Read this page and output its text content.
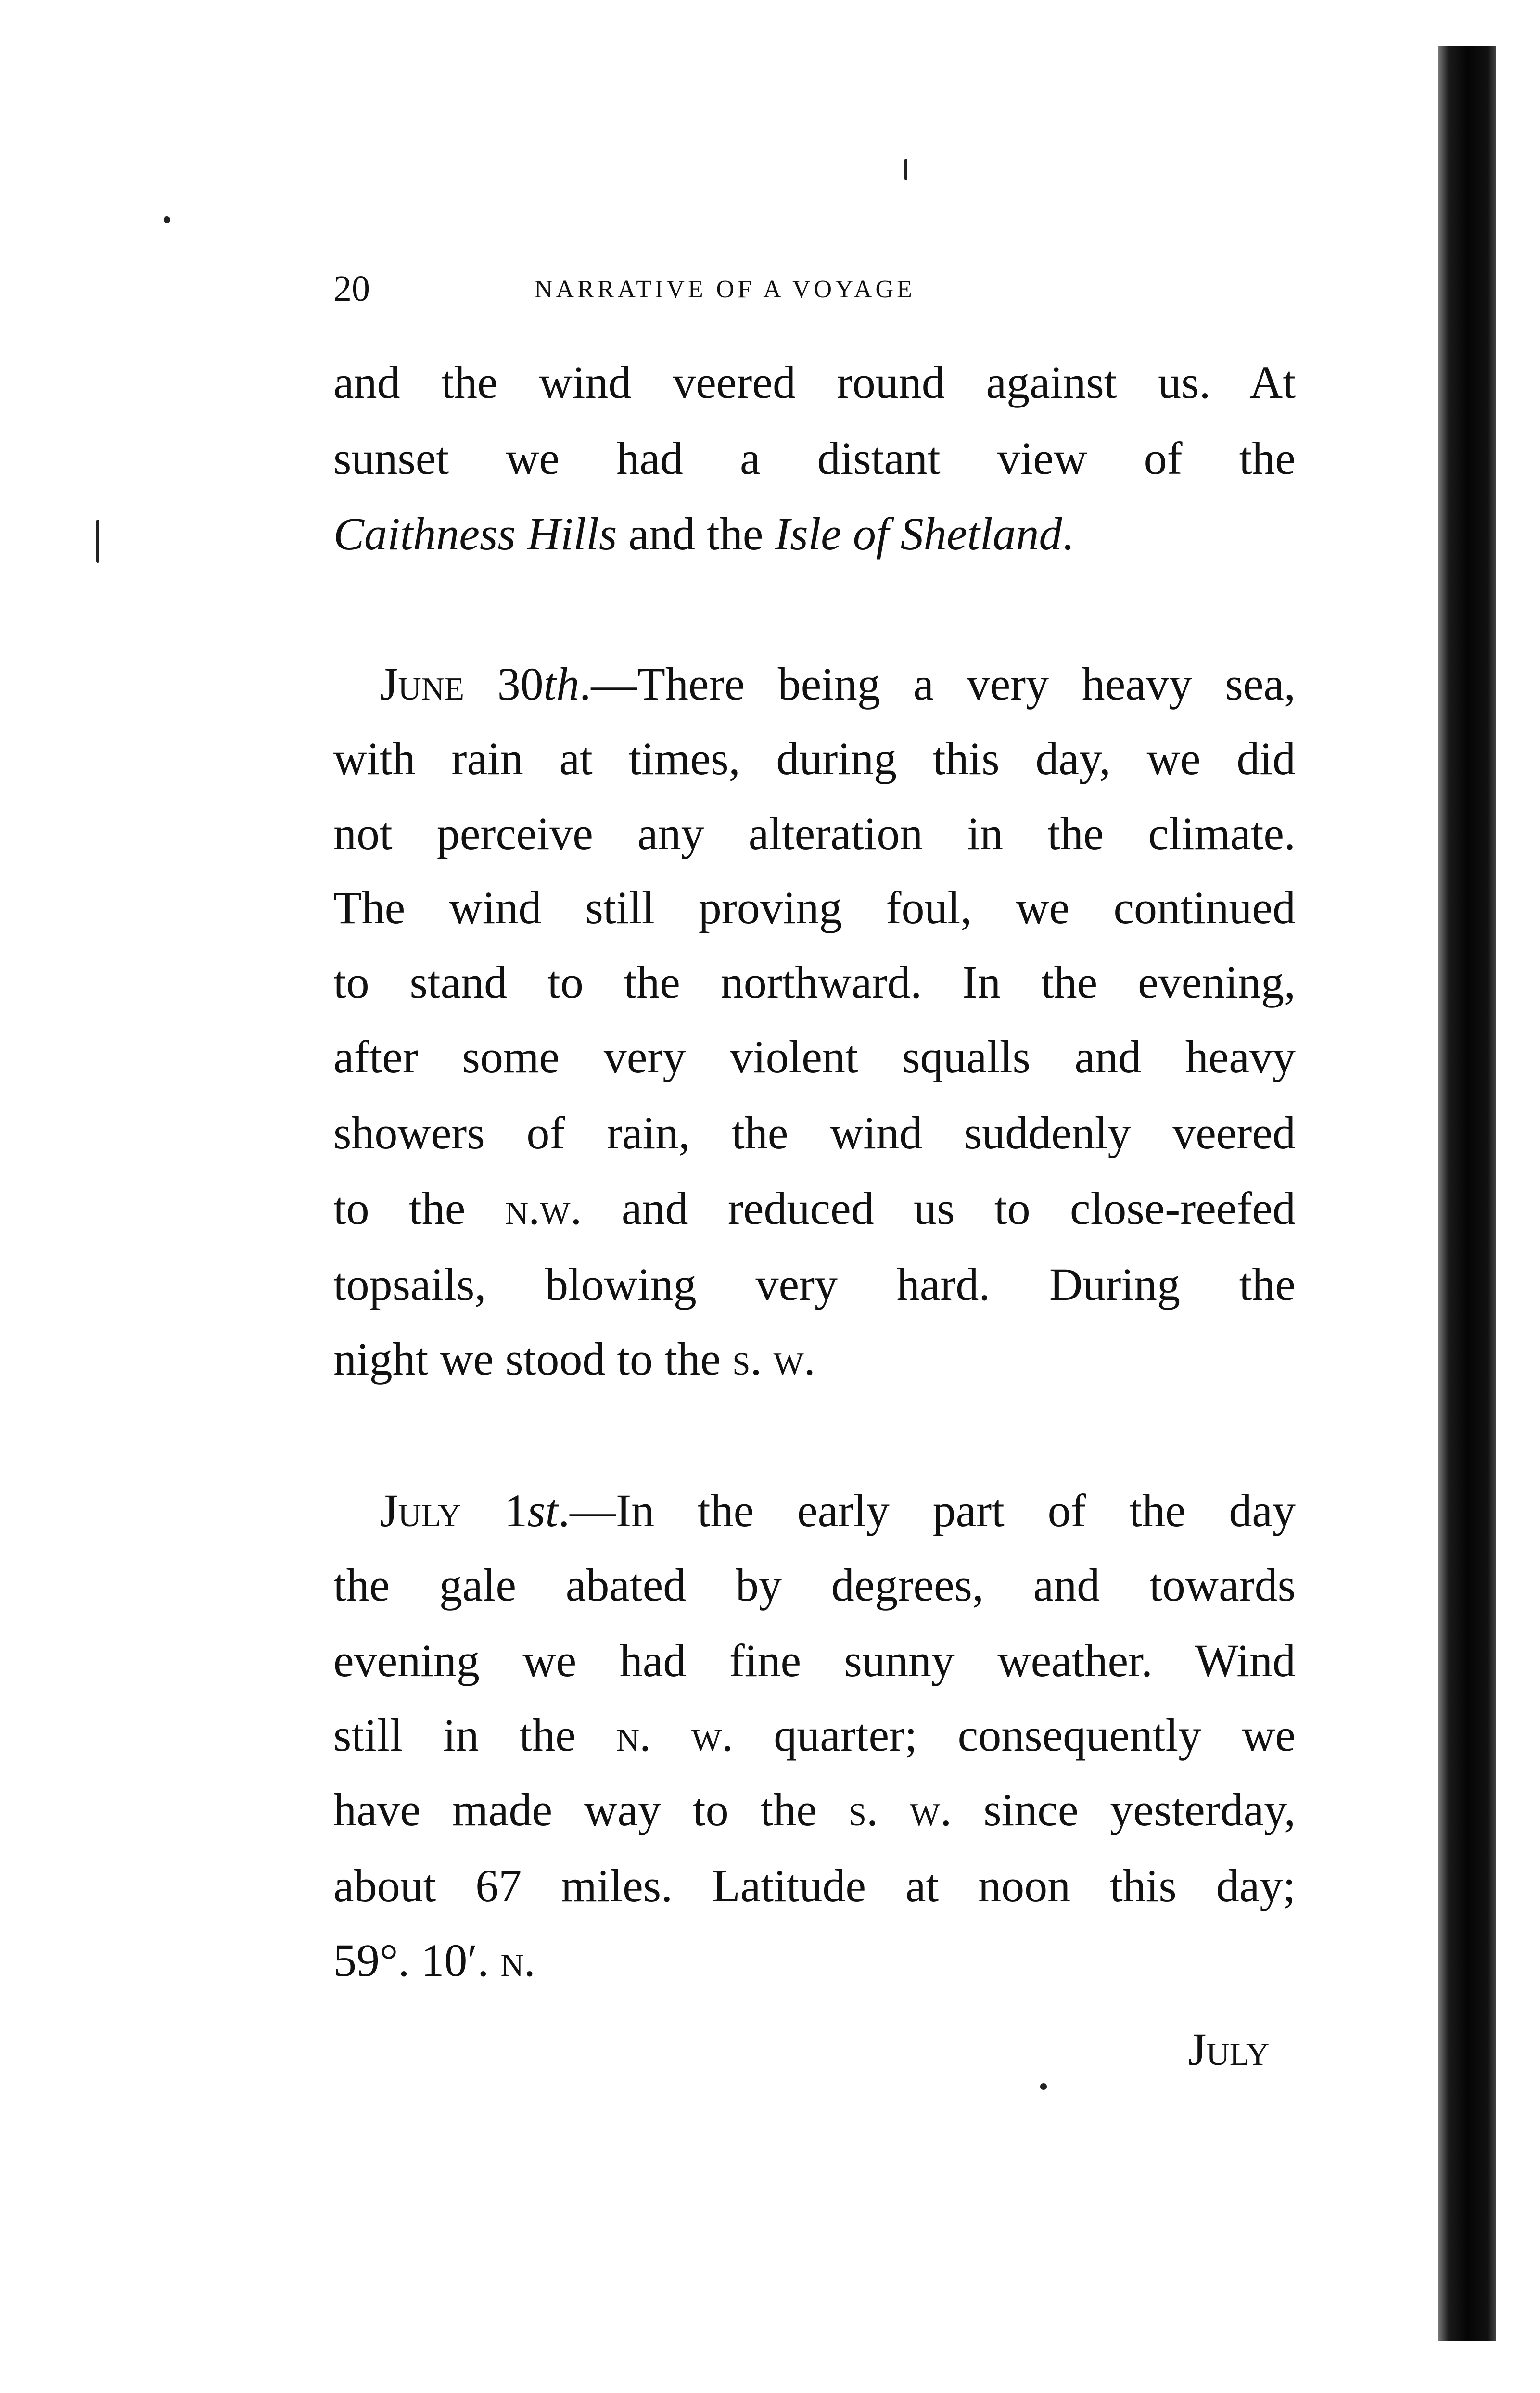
20	NARRATIVE OF A VOYAGE
and the wind veered round against us. At
sunset we had a distant view of the
Caithness Hills and the Isle of Shetland.
June 30th.—There being a very heavy sea,
with rain at times, during this day, we did
not perceive any alteration in the climate.
The wind still proving foul, we continued
to stand to the northward. In the evening,
after some very violent squalls and heavy
showers of rain, the wind suddenly veered
to the n.w. and reduced us to close-reefed
topsails, blowing very hard. During the
night we stood to the s. w.
July 1st.—In the early part of the day
the gale abated by degrees, and towards
evening we had fine sunny weather. Wind
still in the n. w. quarter; consequently we
have made way to the s. w. since yesterday,
about 67 miles. Latitude at noon this day;
59°. 10′. n.
July
